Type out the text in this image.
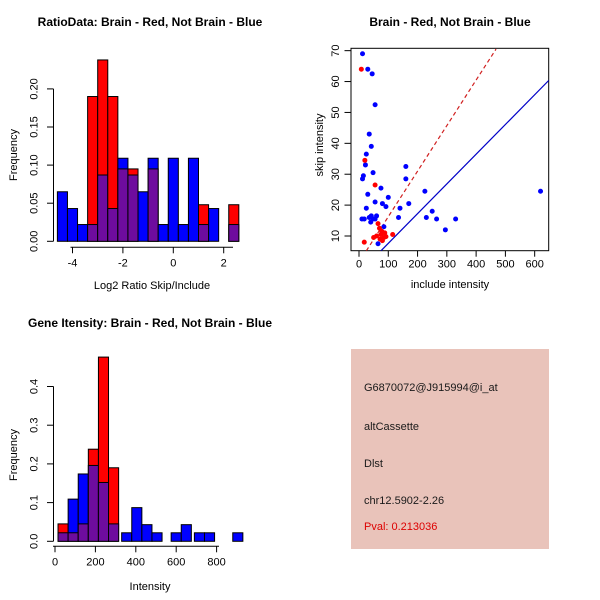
-4	-2	0	2
0.00
0.05
0.10
0.15
0.20
0	200 400 600 800
0.0
0.1
0.2
0.3
0.4
0 100 200 300 400 500 600
10
20
30
40
50
60
70
RatioData: Brain - Red, Not Brain - Blue
Log2 Ratio Skip/Include
Frequency
Brain - Red, Not Brain - Blue
include intensity
skip intensity
Gene Itensity: Brain - Red, Not Brain - Blue
Intensity
Frequency
G6870072@J915994@i_at
altCassette
Dlst
chr12.5902-2.26
Pval: 0.213036
